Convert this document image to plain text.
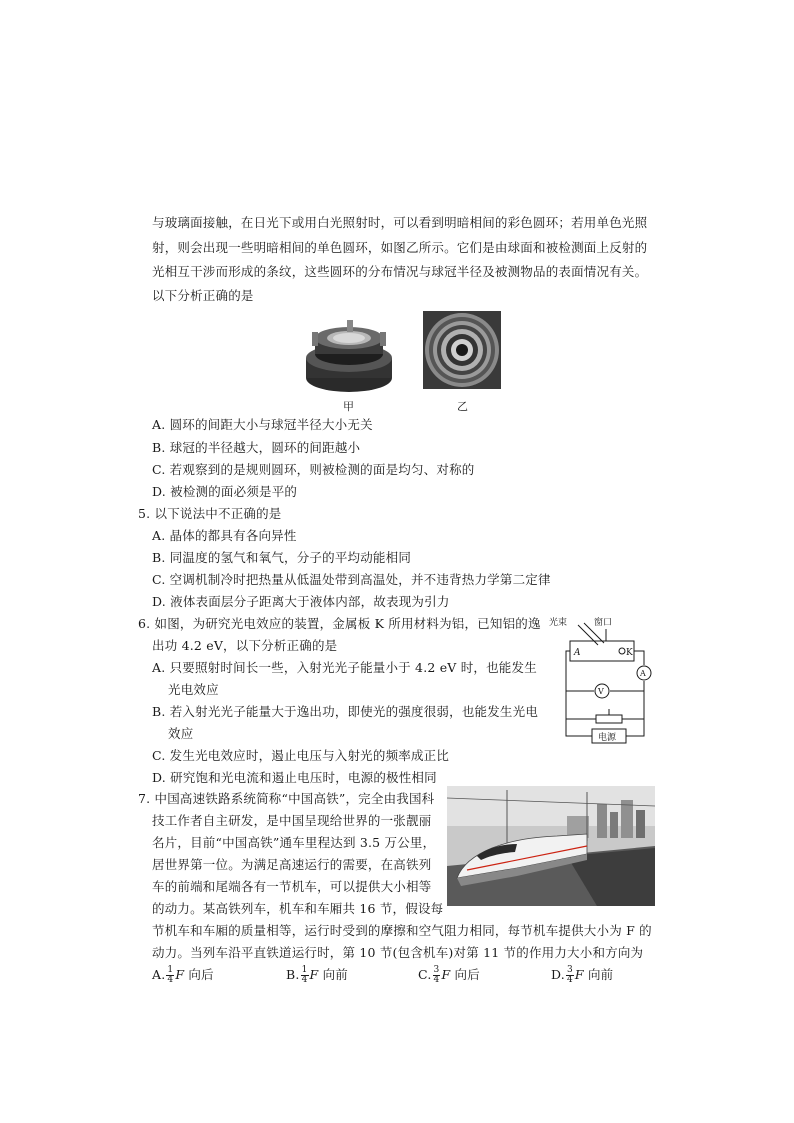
与玻璃面接触，在日光下或用白光照射时，可以看到明暗相间的彩色圆环；若用单色光照
射，则会出现一些明暗相间的单色圆环，如图乙所示。它们是由球面和被检测面上反射的
光相互干涉而形成的条纹，这些圆环的分布情况与球冠半径及被测物品的表面情况有关。
以下分析正确的是
甲	乙
A. 圆环的间距大小与球冠半径大小无关
B. 球冠的半径越大，圆环的间距越小
C. 若观察到的是规则圆环，则被检测的面是均匀、对称的
D. 被检测的面必须是平的
5. 以下说法中不正确的是
A. 晶体的都具有各向异性
B. 同温度的氢气和氧气，分子的平均动能相同
C. 空调机制冷时把热量从低温处带到高温处，并不违背热力学第二定律
D. 液体表面层分子距离大于液体内部，故表现为引力
6. 如图，为研究光电效应的装置，金属板 K 所用材料为铝，已知铝的逸
出功 4.2 eV，以下分析正确的是
A. 只要照射时间长一些，入射光光子能量小于 4.2 eV 时，也能发生
光电效应
B. 若入射光光子能量大于逸出功，即使光的强度很弱，也能发生光电
效应
C. 发生光电效应时，遏止电压与入射光的频率成正比
D. 研究饱和光电流和遏止电压时，电源的极性相同
光束	窗口
A	K
A
V
电源
7. 中国高速铁路系统简称“中国高铁”，完全由我国科
技工作者自主研发，是中国呈现给世界的一张靓丽
名片，目前“中国高铁”通车里程达到 3.5 万公里，
居世界第一位。为满足高速运行的需要，在高铁列
车的前端和尾端各有一节机车，可以提供大小相等
的动力。某高铁列车，机车和车厢共 16 节，假设每
节机车和车厢的质量相等，运行时受到的摩擦和空气阻力相同，每节机车提供大小为 F 的
动力。当列车沿平直铁道运行时，第 10 节(包含机车)对第 11 节的作用力大小和方向为
A. $\frac{1}{4}$ F 向后	B. $\frac{1}{4}$ F 向前	C. $\frac{3}{4}$ F 向后	D. $\frac{3}{4}$ F 向前
